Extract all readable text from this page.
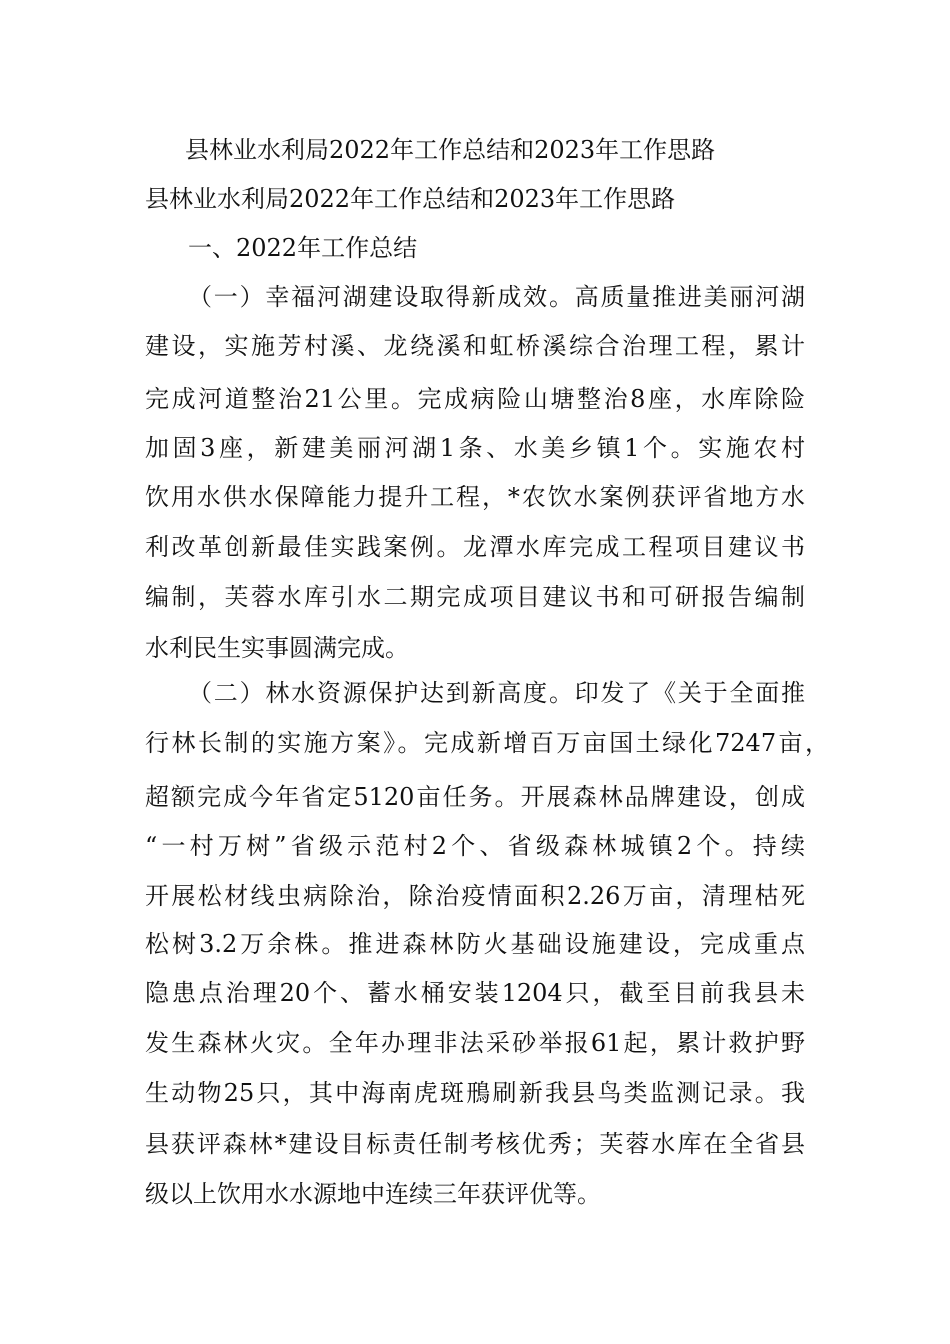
县林业水利局2022年工作总结和2023年工作思路
县林业水利局2022年工作总结和2023年工作思路
一、2022年工作总结
（一）幸福河湖建设取得新成效。高质量推进美丽河湖
建设，实施芳村溪、龙绕溪和虹桥溪综合治理工程，累计
完成河道整治21公里。完成病险山塘整治8座，水库除险
加固3座，新建美丽河湖1条、水美乡镇1个。实施农村
饮用水供水保障能力提升工程，*农饮水案例获评省地方水
利改革创新最佳实践案例。龙潭水库完成工程项目建议书
编制，芙蓉水库引水二期完成项目建议书和可研报告编制
水利民生实事圆满完成。
（二）林水资源保护达到新高度。印发了《关于全面推
行林长制的实施方案》。完成新增百万亩国土绿化7247亩，
超额完成今年省定5120亩任务。开展森林品牌建设，创成
“一村万树”省级示范村2个、省级森林城镇2个。持续
开展松材线虫病除治，除治疫情面积2.26万亩，清理枯死
松树3.2万余株。推进森林防火基础设施建设，完成重点
隐患点治理20个、蓄水桶安装1204只，截至目前我县未
发生森林火灾。全年办理非法采砂举报61起，累计救护野
生动物25只，其中海南虎斑鳽刷新我县鸟类监测记录。我
县获评森林*建设目标责任制考核优秀；芙蓉水库在全省县
级以上饮用水水源地中连续三年获评优等。
